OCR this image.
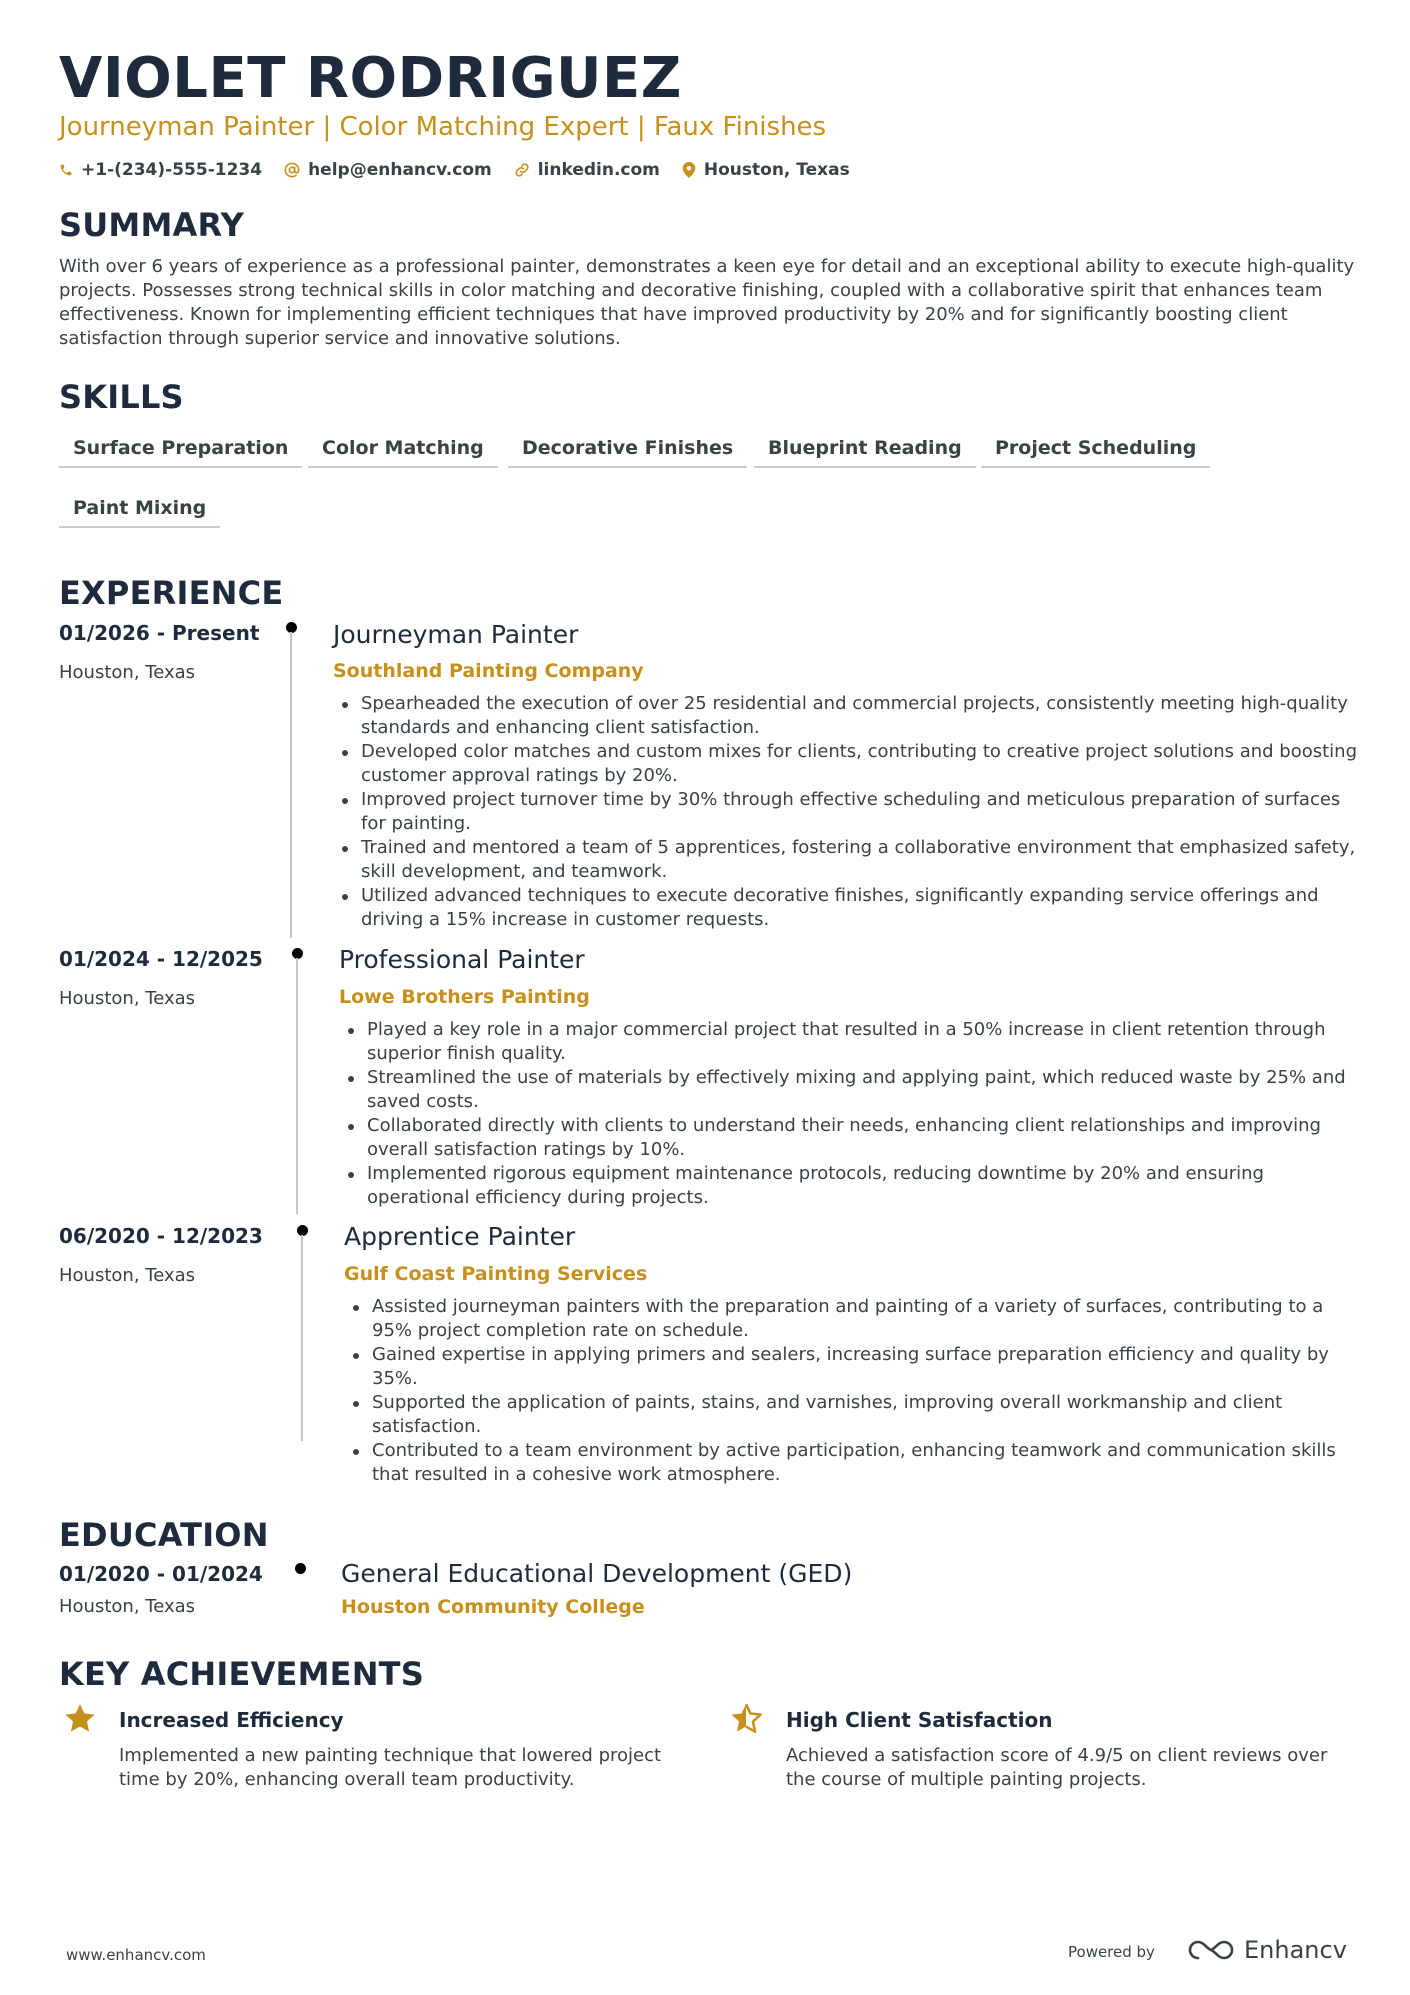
VIOLET RODRIGUEZ
Journeyman Painter | Color Matching Expert | Faux Finishes
+1-(234)-555-1234	help@enhancv.com	linkedin.com	Houston, Texas
SUMMARY
With over 6 years of experience as a professional painter, demonstrates a keen eye for detail and an exceptional ability to execute high-quality projects. Possesses strong technical skills in color matching and decorative finishing, coupled with a collaborative spirit that enhances team effectiveness. Known for implementing efficient techniques that have improved productivity by 20% and for significantly boosting client satisfaction through superior service and innovative solutions.
SKILLS
Surface Preparation	Color Matching	Decorative Finishes	Blueprint Reading	Project Scheduling
Paint Mixing
EXPERIENCE
01/2026 - Present
Houston, Texas
Journeyman Painter
Southland Painting Company
Spearheaded the execution of over 25 residential and commercial projects, consistently meeting high-quality standards and enhancing client satisfaction.
Developed color matches and custom mixes for clients, contributing to creative project solutions and boosting customer approval ratings by 20%.
Improved project turnover time by 30% through effective scheduling and meticulous preparation of surfaces for painting.
Trained and mentored a team of 5 apprentices, fostering a collaborative environment that emphasized safety, skill development, and teamwork.
Utilized advanced techniques to execute decorative finishes, significantly expanding service offerings and driving a 15% increase in customer requests.
01/2024 - 12/2025
Houston, Texas
Professional Painter
Lowe Brothers Painting
Played a key role in a major commercial project that resulted in a 50% increase in client retention through superior finish quality.
Streamlined the use of materials by effectively mixing and applying paint, which reduced waste by 25% and saved costs.
Collaborated directly with clients to understand their needs, enhancing client relationships and improving overall satisfaction ratings by 10%.
Implemented rigorous equipment maintenance protocols, reducing downtime by 20% and ensuring operational efficiency during projects.
06/2020 - 12/2023
Houston, Texas
Apprentice Painter
Gulf Coast Painting Services
Assisted journeyman painters with the preparation and painting of a variety of surfaces, contributing to a 95% project completion rate on schedule.
Gained expertise in applying primers and sealers, increasing surface preparation efficiency and quality by 35%.
Supported the application of paints, stains, and varnishes, improving overall workmanship and client satisfaction.
Contributed to a team environment by active participation, enhancing teamwork and communication skills that resulted in a cohesive work atmosphere.
EDUCATION
01/2020 - 01/2024
Houston, Texas
General Educational Development (GED)
Houston Community College
KEY ACHIEVEMENTS
Increased Efficiency
Implemented a new painting technique that lowered project time by 20%, enhancing overall team productivity.
High Client Satisfaction
Achieved a satisfaction score of 4.9/5 on client reviews over the course of multiple painting projects.
www.enhancv.com	Powered by	Enhancv
